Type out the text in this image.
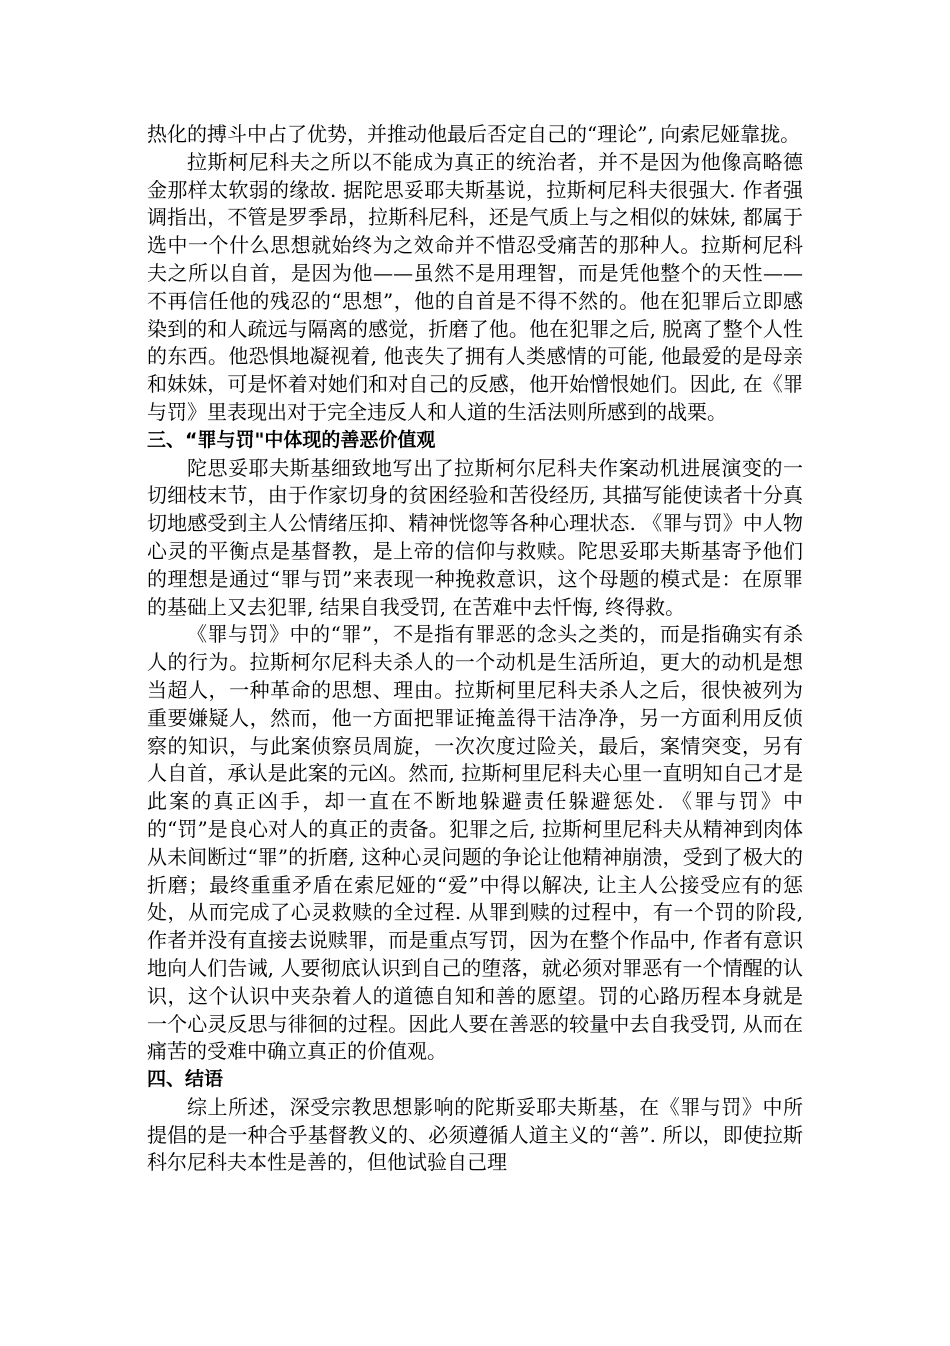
热化的搏斗中占了优势，并推动他最后否定自己的“理论”, 向索尼娅靠拢。

拉斯柯尼科夫之所以不能成为真正的统治者，并不是因为他像高略德金那样太软弱的缘故. 据陀思妥耶夫斯基说，拉斯柯尼科夫很强大. 作者强调指出，不管是罗季昂，拉斯科尼科，还是气质上与之相似的妹妹, 都属于选中一个什么思想就始终为之效命并不惜忍受痛苦的那种人。拉斯柯尼科夫之所以自首，是因为他——虽然不是用理智，而是凭他整个的天性——不再信任他的残忍的“思想”，他的自首是不得不然的。他在犯罪后立即感染到的和人疏远与隔离的感觉，折磨了他。他在犯罪之后, 脱离了整个人性的东西。他恐惧地凝视着, 他丧失了拥有人类感情的可能, 他最爱的是母亲和妹妹，可是怀着对她们和对自己的反感，他开始憎恨她们。因此, 在《罪与罚》里表现出对于完全违反人和人道的生活法则所感到的战栗。

三、“罪与罚"中体现的善恶价值观

陀思妥耶夫斯基细致地写出了拉斯柯尔尼科夫作案动机进展演变的一切细枝末节，由于作家切身的贫困经验和苦役经历, 其描写能使读者十分真切地感受到主人公情绪压抑、精神恍惚等各种心理状态. 《罪与罚》中人物心灵的平衡点是基督教，是上帝的信仰与救赎。陀思妥耶夫斯基寄予他们的理想是通过“罪与罚”来表现一种挽救意识，这个母题的模式是：在原罪的基础上又去犯罪, 结果自我受罚, 在苦难中去忏悔, 终得救。

《罪与罚》中的“罪”，不是指有罪恶的念头之类的，而是指确实有杀人的行为。拉斯柯尔尼科夫杀人的一个动机是生活所迫，更大的动机是想当超人，一种革命的思想、理由。拉斯柯里尼科夫杀人之后，很快被列为重要嫌疑人，然而，他一方面把罪证掩盖得干洁净净，另一方面利用反侦察的知识，与此案侦察员周旋，一次次度过险关，最后，案情突变，另有人自首，承认是此案的元凶。然而, 拉斯柯里尼科夫心里一直明知自己才是此案的真正凶手，却一直在不断地躲避责任躲避惩处. 《罪与罚》中的“罚”是良心对人的真正的责备。犯罪之后, 拉斯柯里尼科夫从精神到肉体从未间断过“罪”的折磨, 这种心灵问题的争论让他精神崩溃，受到了极大的折磨；最终重重矛盾在索尼娅的“爱”中得以解决, 让主人公接受应有的惩处，从而完成了心灵救赎的全过程. 从罪到赎的过程中，有一个罚的阶段, 作者并没有直接去说赎罪，而是重点写罚，因为在整个作品中, 作者有意识地向人们告诫, 人要彻底认识到自己的堕落，就必须对罪恶有一个情醒的认识，这个认识中夹杂着人的道德自知和善的愿望。罚的心路历程本身就是一个心灵反思与徘徊的过程。因此人要在善恶的较量中去自我受罚, 从而在痛苦的受难中确立真正的价值观。

四、结语

综上所述，深受宗教思想影响的陀斯妥耶夫斯基，在《罪与罚》中所提倡的是一种合乎基督教义的、必须遵循人道主义的“善”. 所以，即使拉斯科尔尼科夫本性是善的，但他试验自己理
